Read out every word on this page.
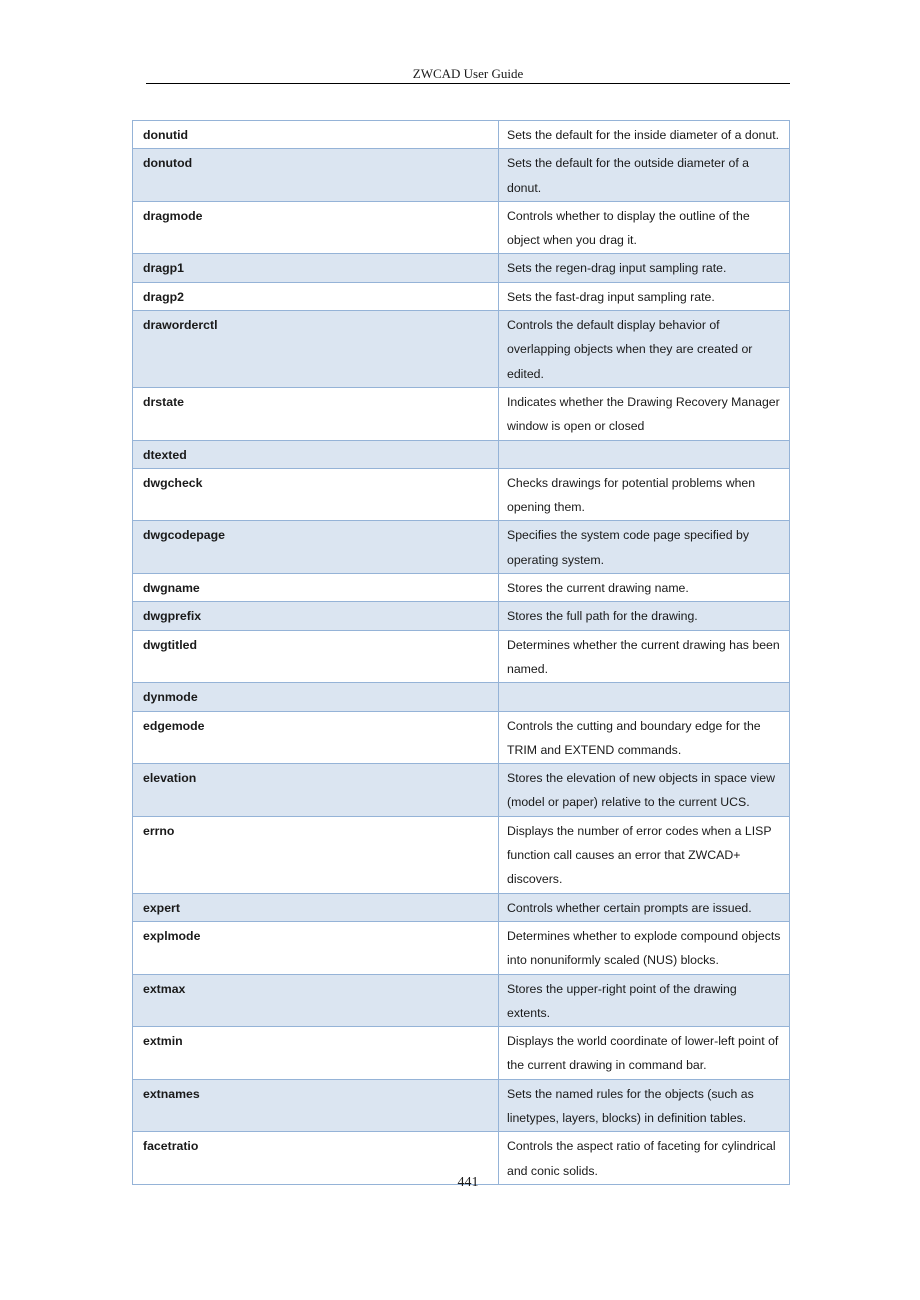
ZWCAD User Guide
donutid	Sets the default for the inside diameter of a donut.
donutod	Sets the default for the outside diameter of a donut.
dragmode	Controls whether to display the outline of the object when you drag it.
dragp1	Sets the regen-drag input sampling rate.
dragp2	Sets the fast-drag input sampling rate.
draworderctl	Controls the default display behavior of overlapping objects when they are created or edited.
drstate	Indicates whether the Drawing Recovery Manager window is open or closed
dtexted	
dwgcheck	Checks drawings for potential problems when opening them.
dwgcodepage	Specifies the system code page specified by operating system.
dwgname	Stores the current drawing name.
dwgprefix	Stores the full path for the drawing.
dwgtitled	Determines whether the current drawing has been named.
dynmode	
edgemode	Controls the cutting and boundary edge for the TRIM and EXTEND commands.
elevation	Stores the elevation of new objects in space view (model or paper) relative to the current UCS.
errno	Displays the number of error codes when a LISP function call causes an error that ZWCAD+ discovers.
expert	Controls whether certain prompts are issued.
explmode	Determines whether to explode compound objects into nonuniformly scaled (NUS) blocks.
extmax	Stores the upper-right point of the drawing extents.
extmin	Displays the world coordinate of lower-left point of the current drawing in command bar.
extnames	Sets the named rules for the objects (such as linetypes, layers, blocks) in definition tables.
facetratio	Controls the aspect ratio of faceting for cylindrical and conic solids.
441
